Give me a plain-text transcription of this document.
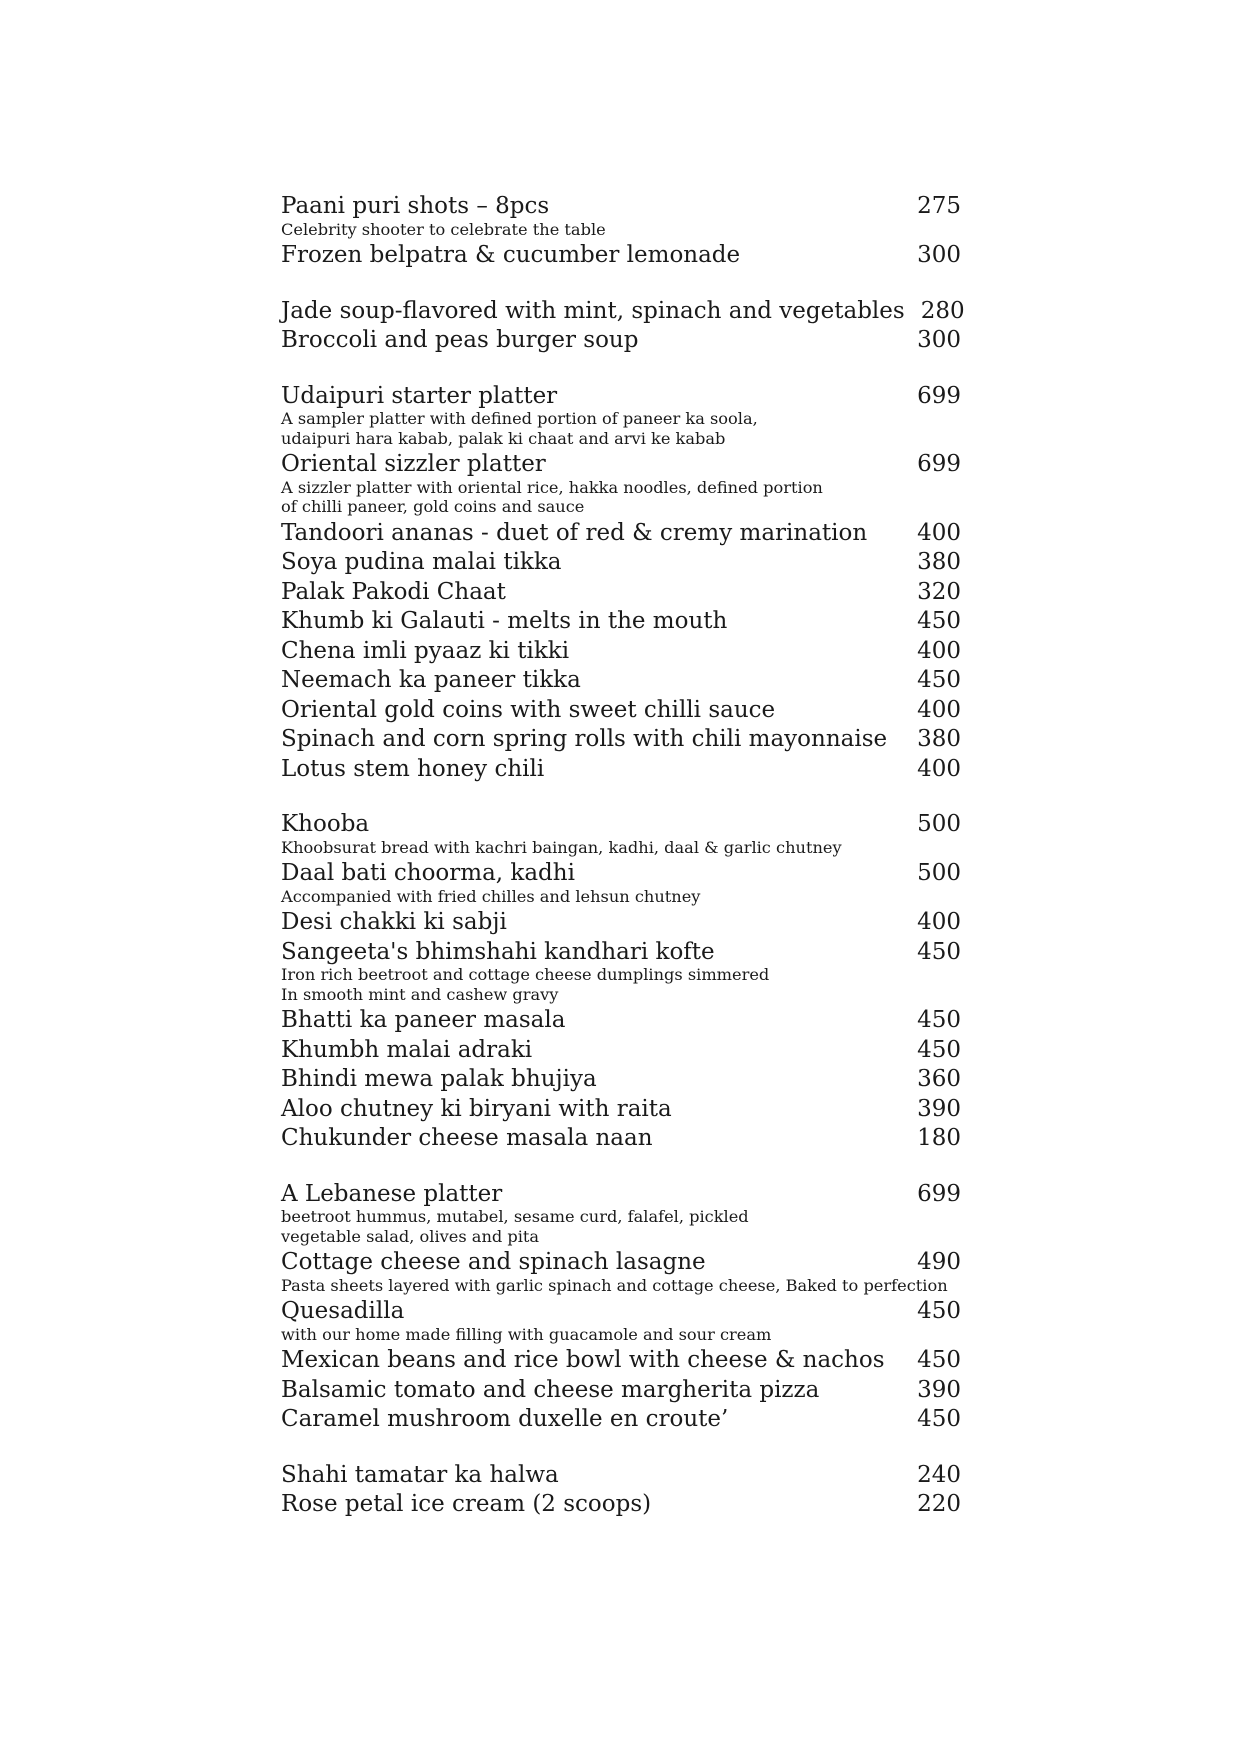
Paani puri shots – 8pcs	275
Celebrity shooter to celebrate the table
Frozen belpatra & cucumber lemonade	300
Jade soup-flavored with mint, spinach and vegetables 280
Broccoli and peas burger soup	300
Udaipuri starter platter	699
A sampler platter with defined portion of paneer ka soola,
udaipuri hara kabab, palak ki chaat and arvi ke kabab
Oriental sizzler platter	699
A sizzler platter with oriental rice, hakka noodles, defined portion
of chilli paneer, gold coins and sauce
Tandoori ananas - duet of red & cremy marination	400
Soya pudina malai tikka	380
Palak Pakodi Chaat	320
Khumb ki Galauti - melts in the mouth	450
Chena imli pyaaz ki tikki	400
Neemach ka paneer tikka	450
Oriental gold coins with sweet chilli sauce	400
Spinach and corn spring rolls with chili mayonnaise	380
Lotus stem honey chili	400
Khooba	500
Khoobsurat bread with kachri baingan, kadhi, daal & garlic chutney
Daal bati choorma, kadhi	500
Accompanied with fried chilles and lehsun chutney
Desi chakki ki sabji	400
Sangeeta's bhimshahi kandhari kofte	450
Iron rich beetroot and cottage cheese dumplings simmered
In smooth mint and cashew gravy
Bhatti ka paneer masala	450
Khumbh malai adraki	450
Bhindi mewa palak bhujiya	360
Aloo chutney ki biryani with raita	390
Chukunder cheese masala naan	180
A Lebanese platter	699
beetroot hummus, mutabel, sesame curd, falafel, pickled
vegetable salad, olives and pita
Cottage cheese and spinach lasagne	490
Pasta sheets layered with garlic spinach and cottage cheese, Baked to perfection
Quesadilla	450
with our home made filling with guacamole and sour cream
Mexican beans and rice bowl with cheese & nachos	450
Balsamic tomato and cheese margherita pizza	390
Caramel mushroom duxelle en croute’	450
Shahi tamatar ka halwa	240
Rose petal ice cream (2 scoops)	220
